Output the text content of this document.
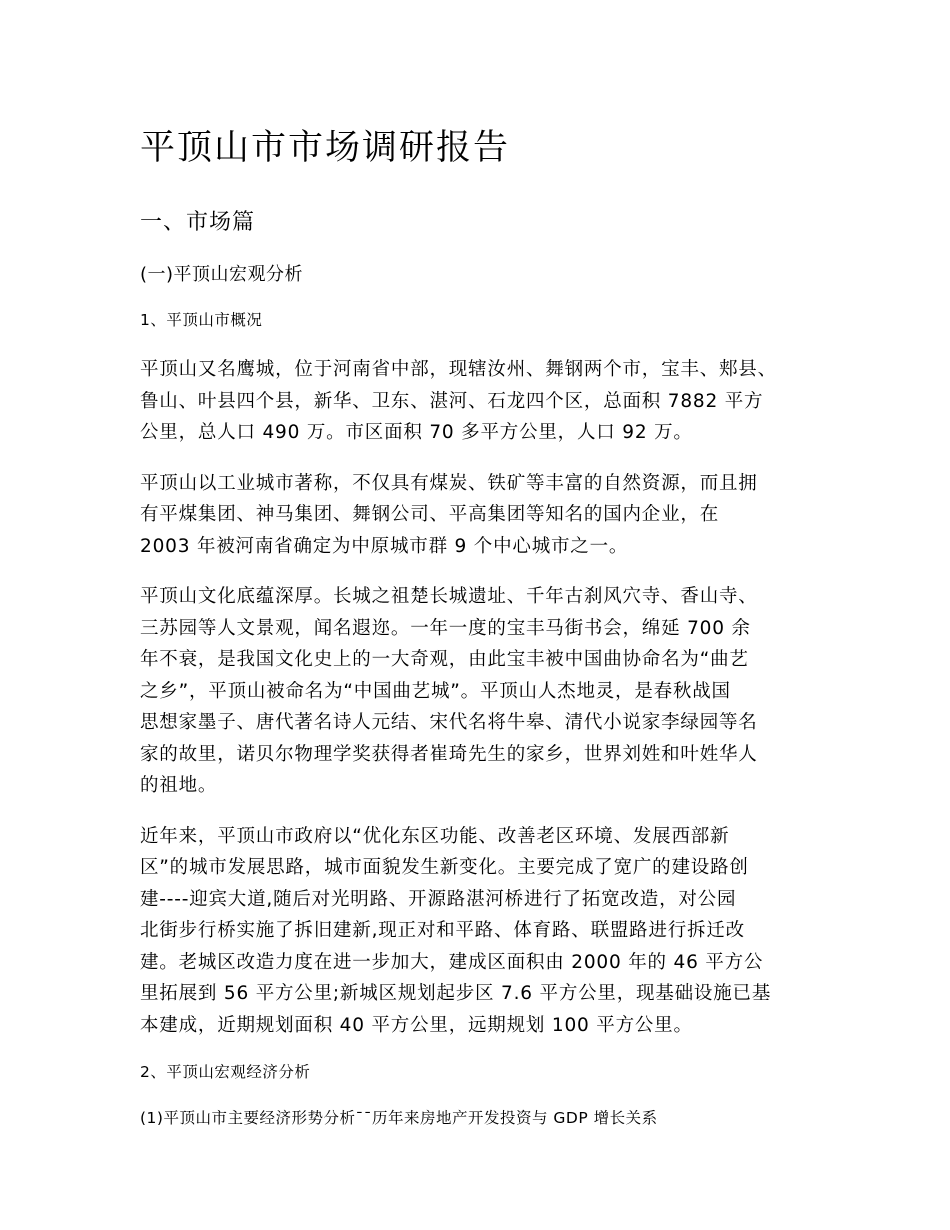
平顶山市市场调研报告
一、市场篇
(一)平顶山宏观分析
1、平顶山市概况
平顶山又名鹰城，位于河南省中部，现辖汝州、舞钢两个市，宝丰、郏县、
鲁山、叶县四个县，新华、卫东、湛河、石龙四个区，总面积 7882 平方
公里，总人口 490 万。市区面积 70 多平方公里，人口 92 万。
平顶山以工业城市著称，不仅具有煤炭、铁矿等丰富的自然资源，而且拥
有平煤集团、神马集团、舞钢公司、平高集团等知名的国内企业，在
2003 年被河南省确定为中原城市群 9 个中心城市之一。
平顶山文化底蕴深厚。长城之祖楚长城遗址、千年古刹风穴寺、香山寺、
三苏园等人文景观，闻名遐迩。一年一度的宝丰马街书会，绵延 700 余
年不衰，是我国文化史上的一大奇观，由此宝丰被中国曲协命名为“曲艺
之乡”，平顶山被命名为“中国曲艺城”。平顶山人杰地灵，是春秋战国
思想家墨子、唐代著名诗人元结、宋代名将牛皋、清代小说家李绿园等名
家的故里，诺贝尔物理学奖获得者崔琦先生的家乡，世界刘姓和叶姓华人
的祖地。
近年来，平顶山市政府以“优化东区功能、改善老区环境、发展西部新
区”的城市发展思路，城市面貌发生新变化。主要完成了宽广的建设路创
建----迎宾大道,随后对光明路、开源路湛河桥进行了拓宽改造，对公园
北街步行桥实施了拆旧建新,现正对和平路、体育路、联盟路进行拆迁改
建。老城区改造力度在进一步加大，建成区面积由 2000 年的 46 平方公
里拓展到 56 平方公里;新城区规划起步区 7.6 平方公里，现基础设施已基
本建成，近期规划面积 40 平方公里，远期规划 100 平方公里。
2、平顶山宏观经济分析
(1)平顶山市主要经济形势分析¯¯历年来房地产开发投资与 GDP 增长关系
